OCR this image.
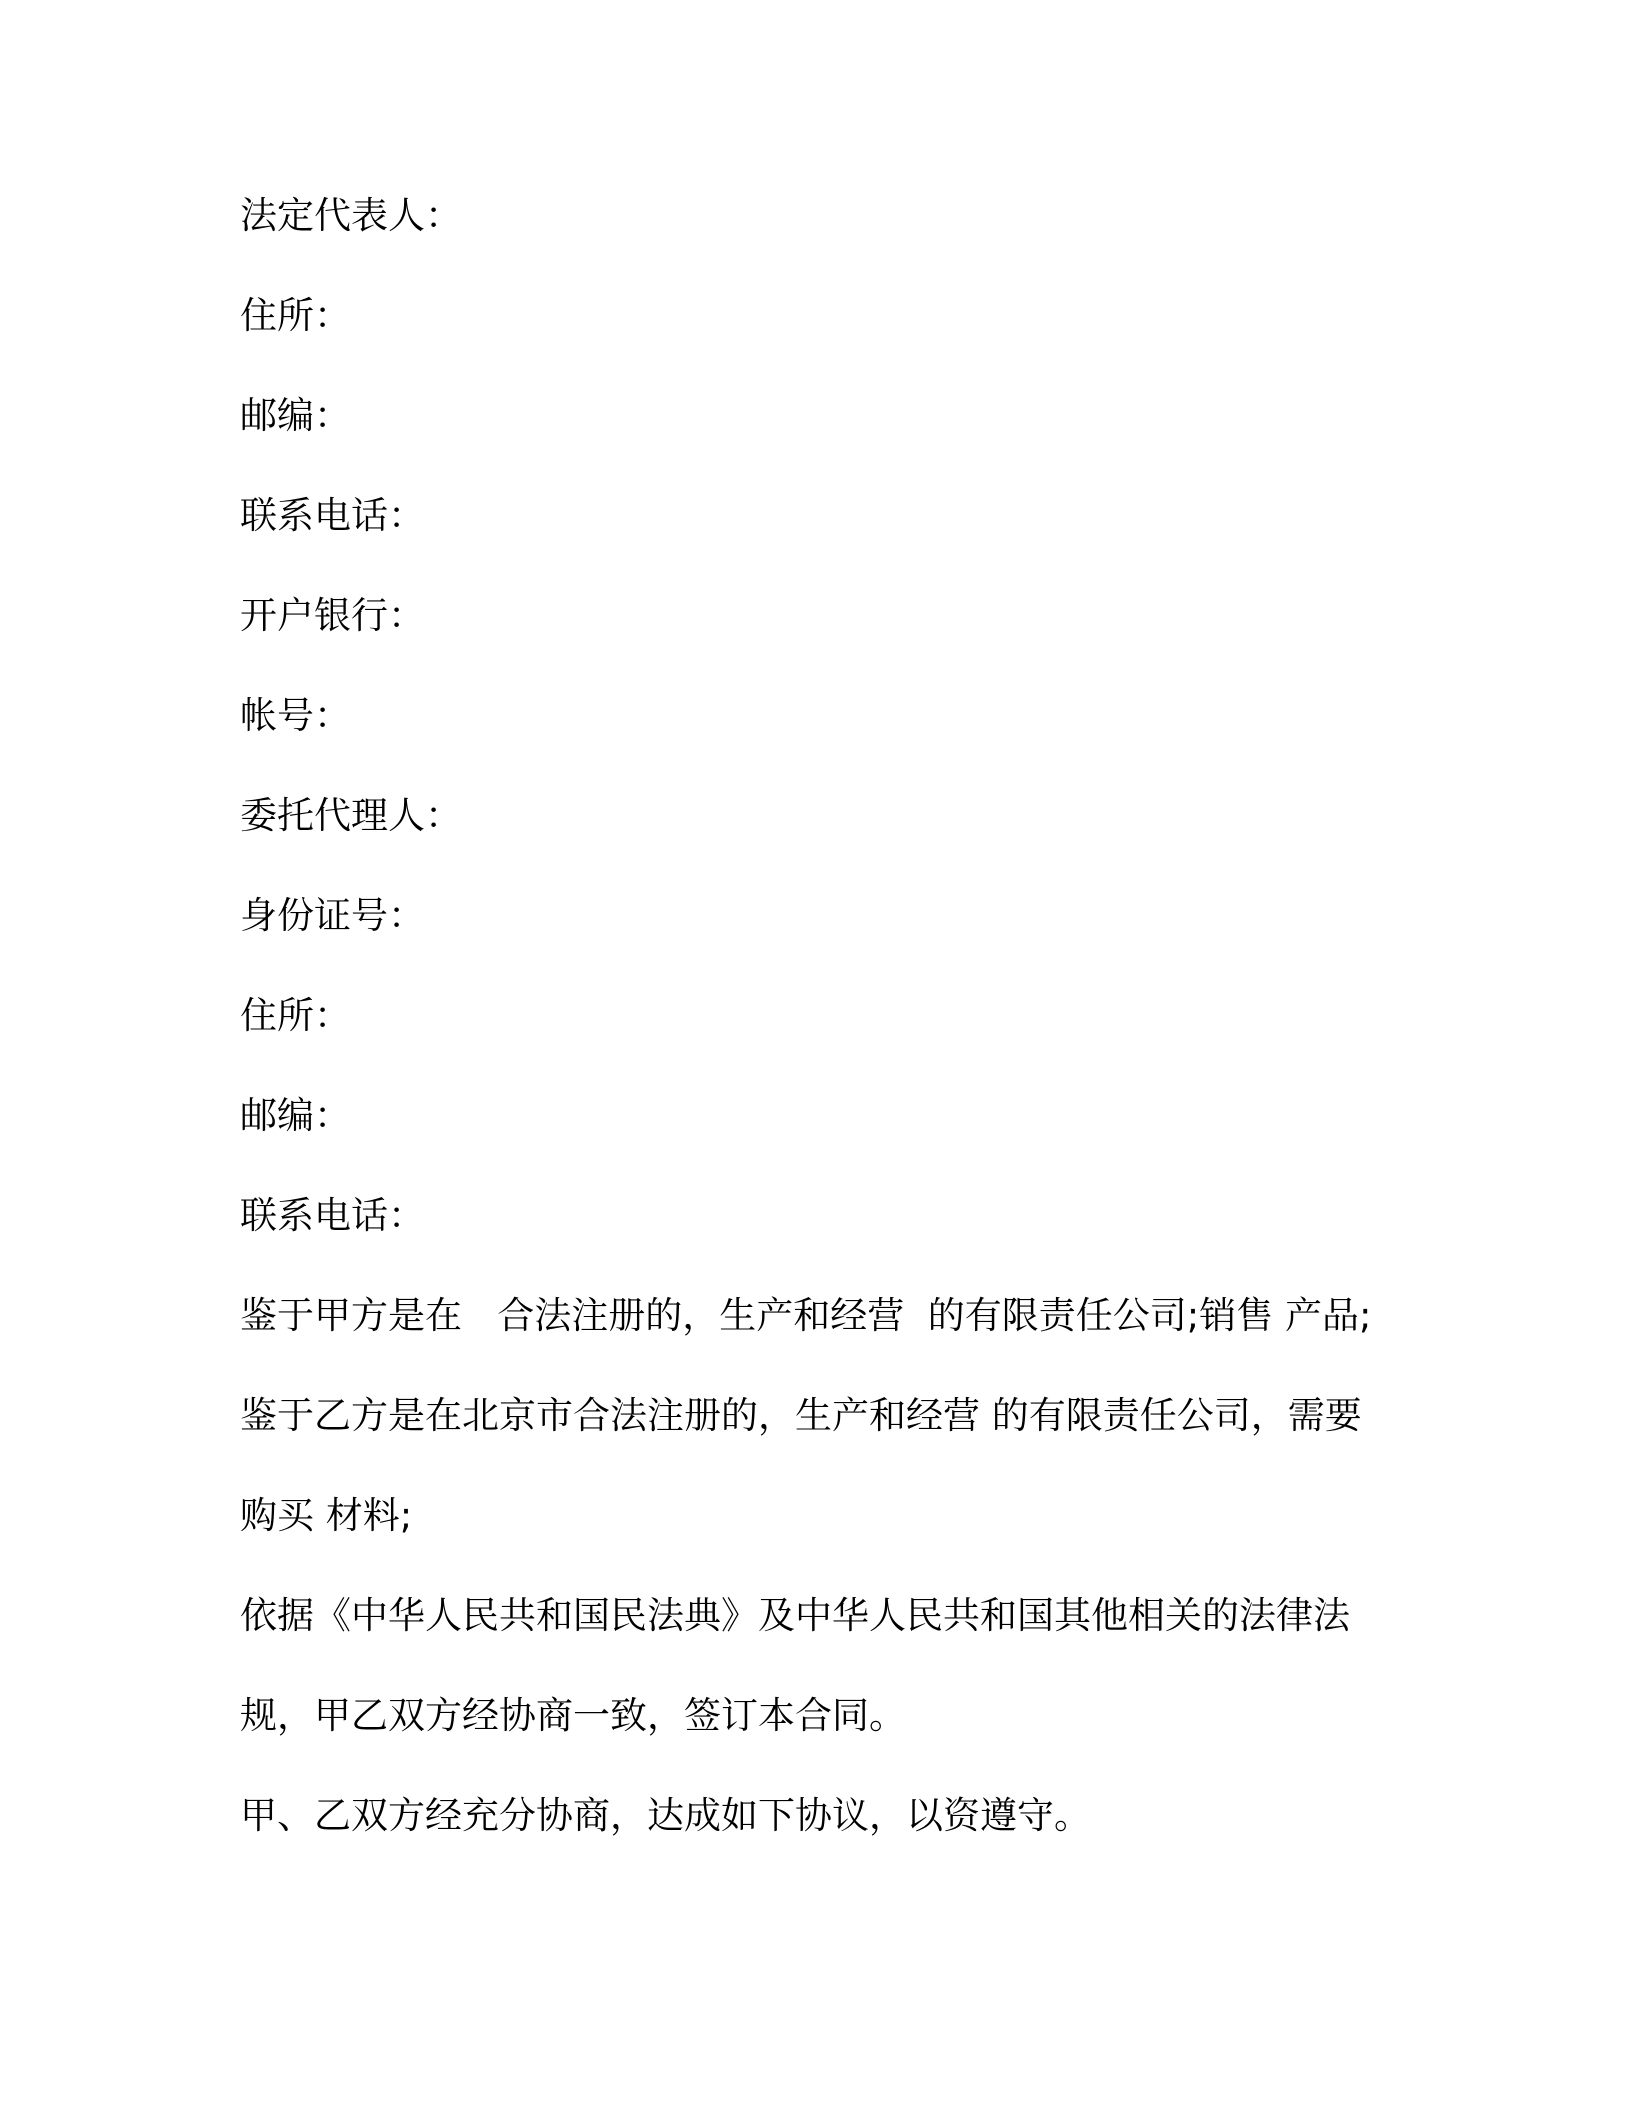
法定代表人：
住所：
邮编：
联系电话：
开户银行：
帐号：
委托代理人：
身份证号：
住所：
邮编：
联系电话：
鉴于甲方是在   合法注册的，生产和经营  的有限责任公司;销售 产品;
鉴于乙方是在北京市合法注册的，生产和经营 的有限责任公司，需要
购买 材料;
依据《中华人民共和国民法典》及中华人民共和国其他相关的法律法
规，甲乙双方经协商一致，签订本合同。
甲、乙双方经充分协商，达成如下协议，以资遵守。
